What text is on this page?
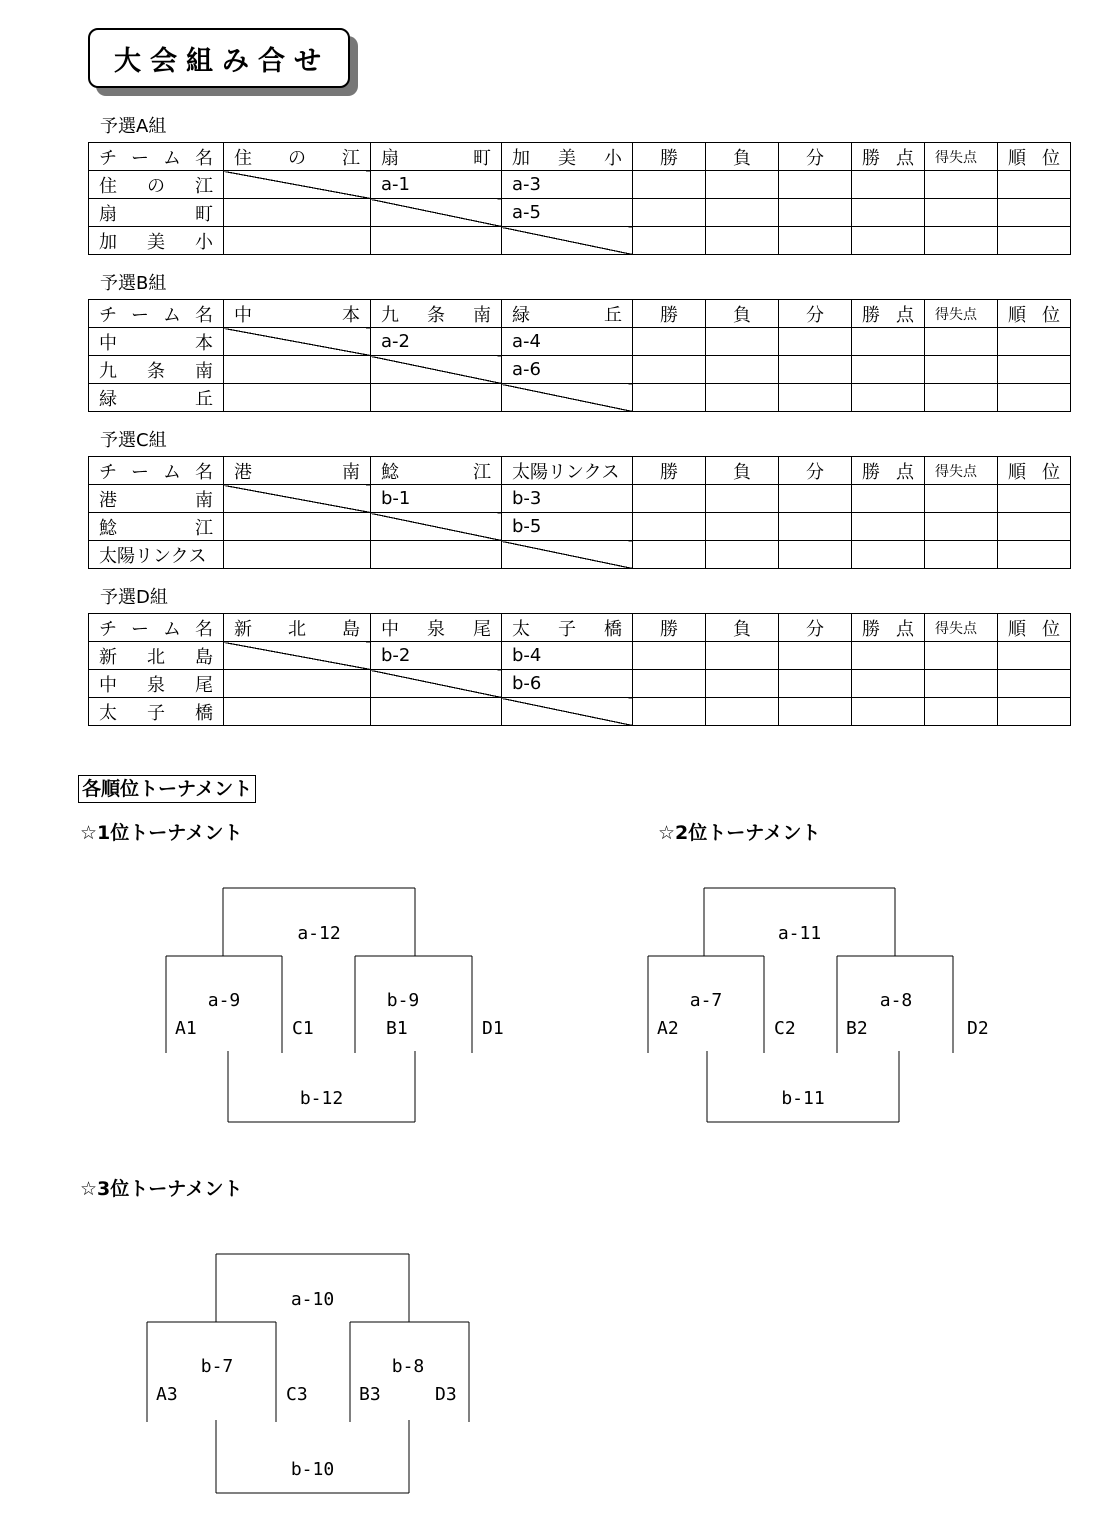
大会組み合せ
予選A組
チ ー ム 名	住 の 江	扇 町	加 美 小	勝	負	分	勝 点	得失点	順 位

住 の 江		a-1	a-3						

扇 町			a-5						

加 美 小									

予選B組
チ ー ム 名	中 本	九 条 南	緑 丘	勝	負	分	勝 点	得失点	順 位

中 本		a-2	a-4						

九 条 南			a-6						

緑 丘									

予選C組
チ ー ム 名	港 南	鯰 江	太陽リンクス	勝	負	分	勝 点	得失点	順 位

港 南		b-1	b-3						

鯰 江			b-5						
太陽リンクス									
予選D組
チ ー ム 名	新 北 島	中 泉 尾	太 子 橋	勝	負	分	勝 点	得失点	順 位

新 北 島		b-2	b-4						

中 泉 尾			b-6						

太 子 橋									

各順位トーナメント
☆1位トーナメント	☆2位トーナメント
☆3位トーナメント
a-12
a-9	b-9
b-12
A1	C1	B1	D1
a-11
a-7	a-8
b-11
A2	C2	B2	D2
a-10
b-7	b-8
b-10
A3	C3	B3	D3
